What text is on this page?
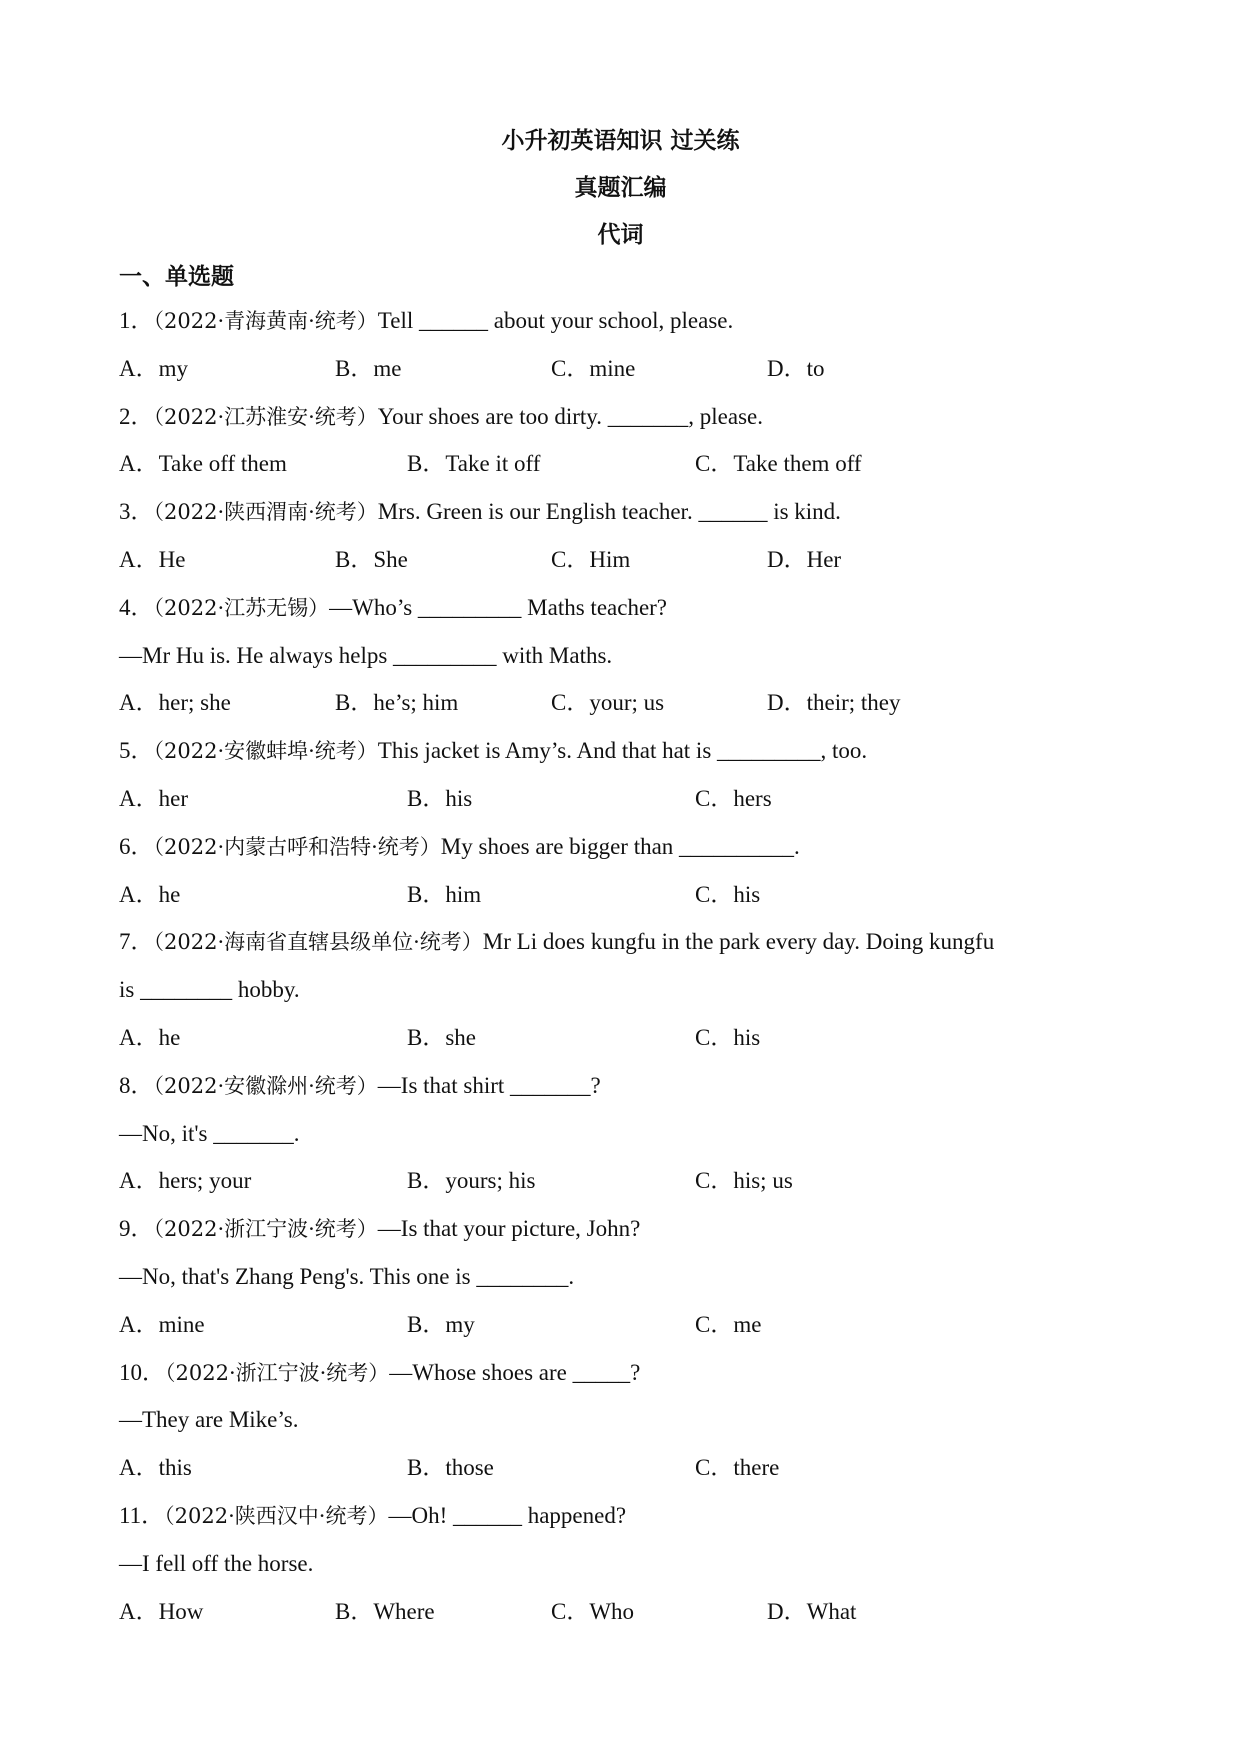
小升初英语知识 过关练
真题汇编
代词
一、单选题
1．（2022·青海黄南·统考）Tell ______ about your school, please.
A．my	B．me	C．mine	D．to
2．（2022·江苏淮安·统考）Your shoes are too dirty. _______, please.
A．Take off them	B．Take it off	C．Take them off
3．（2022·陕西渭南·统考）Mrs. Green is our English teacher. ______ is kind.
A．He	B．She	C．Him	D．Her
4．（2022·江苏无锡）—Who’s _________ Maths teacher?
—Mr Hu is. He always helps _________ with Maths.
A．her; she	B．he’s; him	C．your; us	D．their; they
5．（2022·安徽蚌埠·统考）This jacket is Amy’s. And that hat is _________, too.
A．her	B．his	C．hers
6．（2022·内蒙古呼和浩特·统考）My shoes are bigger than __________.
A．he	B．him	C．his
7．（2022·海南省直辖县级单位·统考）Mr Li does kungfu in the park every day. Doing kungfu
is ________ hobby.
A．he	B．she	C．his
8．（2022·安徽滁州·统考）—Is that shirt _______?
—No, it's _______.
A．hers; your	B．yours; his	C．his; us
9．（2022·浙江宁波·统考）—Is that your picture, John?
—No, that's Zhang Peng's. This one is ________.
A．mine	B．my	C．me
10．（2022·浙江宁波·统考）—Whose shoes are _____?
—They are Mike’s.
A．this	B．those	C．there
11．（2022·陕西汉中·统考）—Oh! ______ happened?
—I fell off the horse.
A．How	B．Where	C．Who	D．What
